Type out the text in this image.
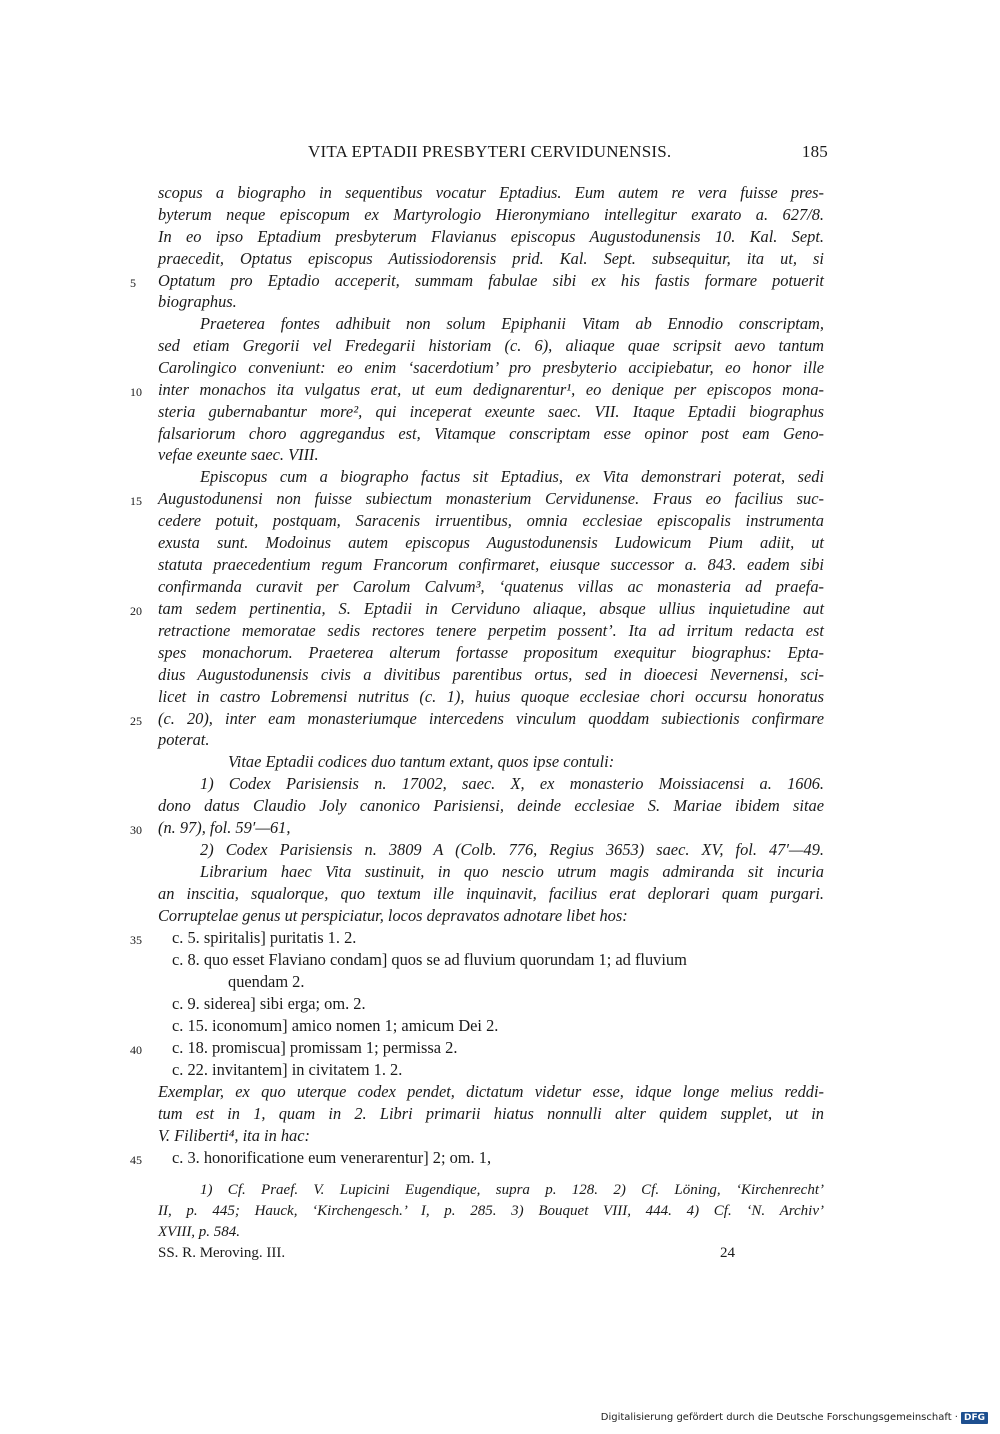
VITA EPTADII PRESBYTERI CERVIDUNENSIS.	185
scopus a biographo in sequentibus vocatur Eptadius. Eum autem re vera fuisse pres-
byterum neque episcopum ex Martyrologio Hieronymiano intellegitur exarato a. 627/8.
In eo ipso Eptadium presbyterum Flavianus episcopus Augustodunensis 10. Kal. Sept.
praecedit, Optatus episcopus Autissiodorensis prid. Kal. Sept. subsequitur, ita ut, si
Optatum pro Eptadio acceperit, summam fabulae sibi ex his fastis formare potuerit
5
biographus.
Praeterea fontes adhibuit non solum Epiphanii Vitam ab Ennodio conscriptam,
sed etiam Gregorii vel Fredegarii historiam (c. 6), aliaque quae scripsit aevo tantum
Carolingico conveniunt: eo enim ‘sacerdotium’ pro presbyterio accipiebatur, eo honor ille
inter monachos ita vulgatus erat, ut eum dedignarentur¹, eo denique per episcopos mona-
10
steria gubernabantur more², qui inceperat exeunte saec. VII. Itaque Eptadii biographus
falsariorum choro aggregandus est, Vitamque conscriptam esse opinor post eam Geno-
vefae exeunte saec. VIII.
Episcopus cum a biographo factus sit Eptadius, ex Vita demonstrari poterat, sedi
Augustodunensi non fuisse subiectum monasterium Cervidunense. Fraus eo facilius suc-
15
cedere potuit, postquam, Saracenis irruentibus, omnia ecclesiae episcopalis instrumenta
exusta sunt. Modoinus autem episcopus Augustodunensis Ludowicum Pium adiit, ut
statuta praecedentium regum Francorum confirmaret, eiusque successor a. 843. eadem sibi
confirmanda curavit per Carolum Calvum³, ‘quatenus villas ac monasteria ad praefa-
tam sedem pertinentia, S. Eptadii in Cerviduno aliaque, absque ullius inquietudine aut
20
retractione memoratae sedis rectores tenere perpetim possent’. Ita ad irritum redacta est
spes monachorum. Praeterea alterum fortasse propositum exequitur biographus: Epta-
dius Augustodunensis civis a divitibus parentibus ortus, sed in dioecesi Nevernensi, sci-
licet in castro Lobremensi nutritus (c. 1), huius quoque ecclesiae chori occursu honoratus
(c. 20), inter eam monasteriumque intercedens vinculum quoddam subiectionis confirmare
25
poterat.
Vitae Eptadii codices duo tantum extant, quos ipse contuli:
1) Codex Parisiensis n. 17002, saec. X, ex monasterio Moissiacensi a. 1606.
dono datus Claudio Joly canonico Parisiensi, deinde ecclesiae S. Mariae ibidem sitae
(n. 97), fol. 59′—61,
30
2) Codex Parisiensis n. 3809 A (Colb. 776, Regius 3653) saec. XV, fol. 47′—49.
Librarium haec Vita sustinuit, in quo nescio utrum magis admiranda sit incuria
an inscitia, squalorque, quo textum ille inquinavit, facilius erat deplorari quam purgari.
Corruptelae genus ut perspiciatur, locos depravatos adnotare libet hos:
c. 5. spiritalis] puritatis 1. 2.
35
c. 8. quo esset Flaviano condam] quos se ad fluvium quorundam 1; ad fluvium
quendam 2.
c. 9. siderea] sibi erga; om. 2.
c. 15. iconomum] amico nomen 1; amicum Dei 2.
c. 18. promiscua] promissam 1; permissa 2.
40
c. 22. invitantem] in civitatem 1. 2.
Exemplar, ex quo uterque codex pendet, dictatum videtur esse, idque longe melius reddi-
tum est in 1, quam in 2. Libri primarii hiatus nonnulli alter quidem supplet, ut in
V. Filiberti⁴, ita in hac:
c. 3. honorificatione eum venerarentur] 2; om. 1,
45
1) Cf. Praef. V. Lupicini Eugendique, supra p. 128. 2) Cf. Löning, ‘Kirchenrecht’
II, p. 445; Hauck, ‘Kirchengesch.’ I, p. 285. 3) Bouquet VIII, 444. 4) Cf. ‘N. Archiv’
XVIII, p. 584.
SS. R. Meroving. III.	24
Digitalisierung gefördert durch die Deutsche Forschungsgemeinschaft · DFG
